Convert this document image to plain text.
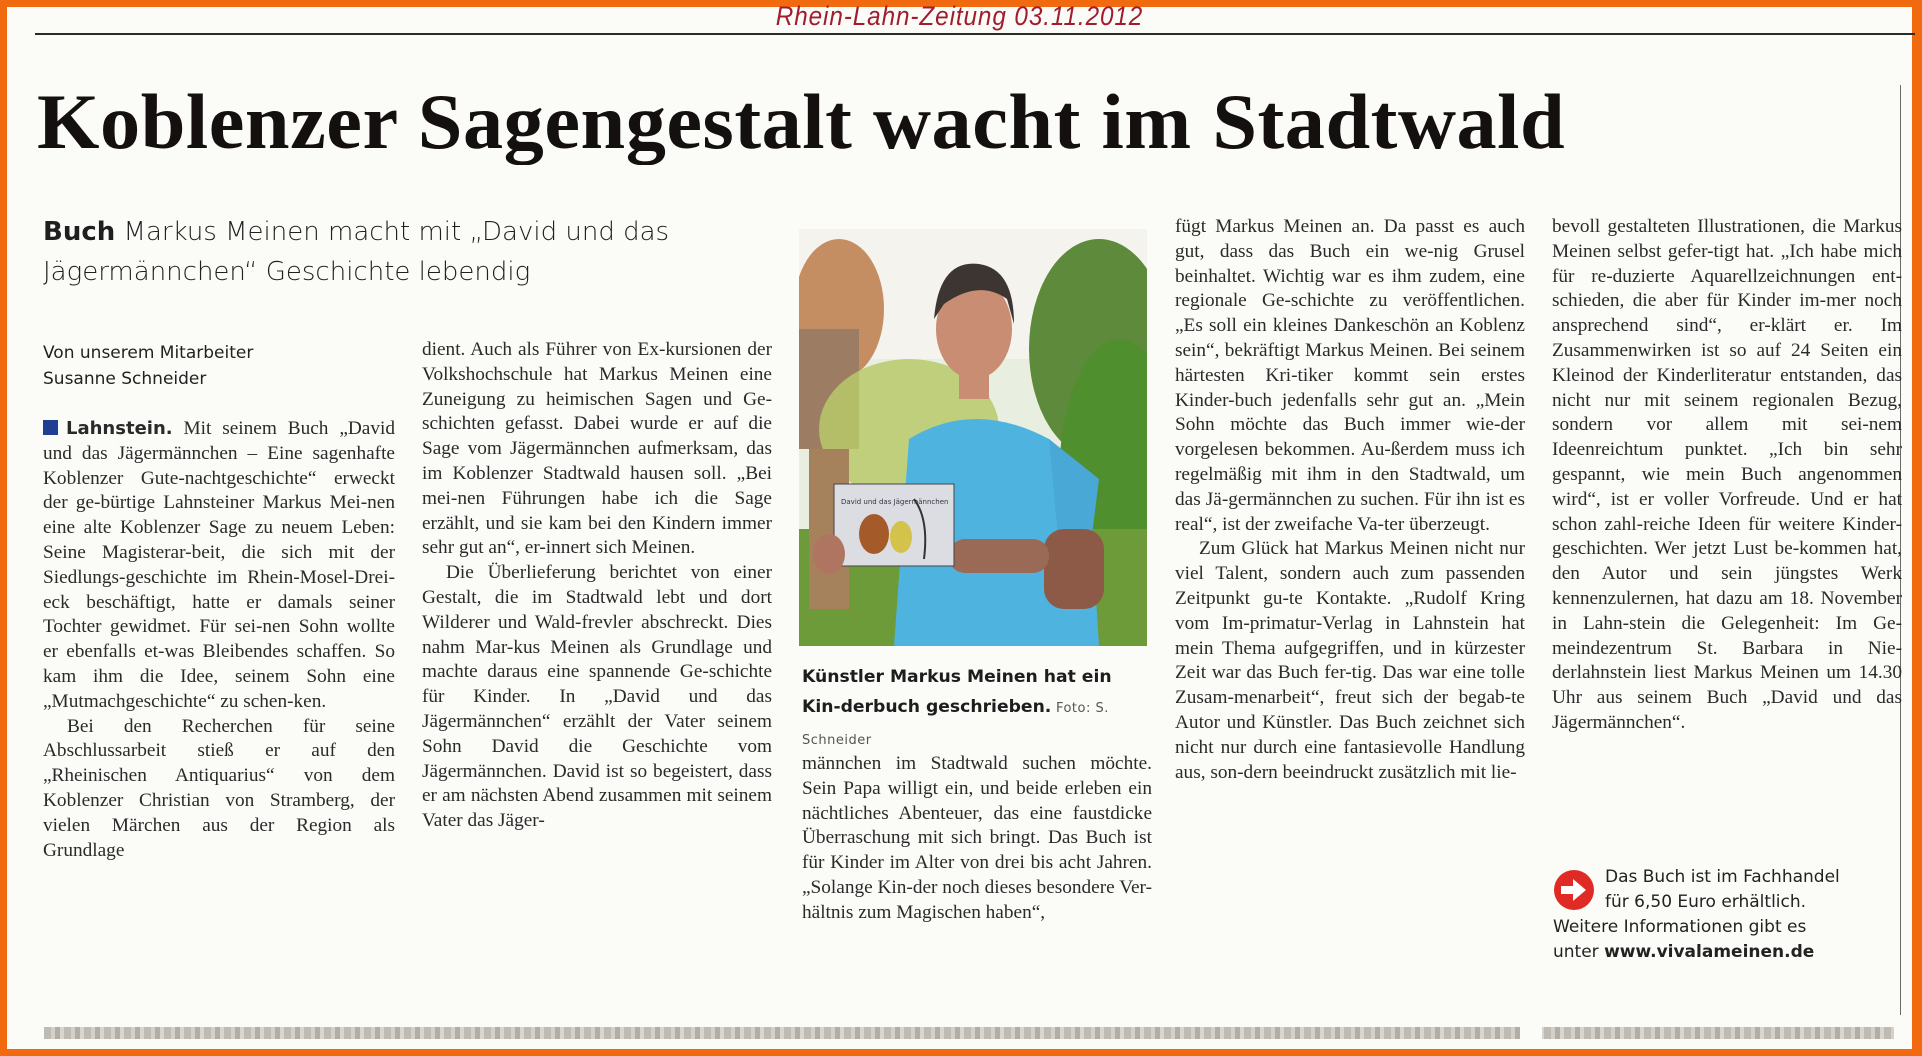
Rhein-Lahn-Zeitung 03.11.2012
Koblenzer Sagengestalt wacht im Stadtwald
Buch Markus Meinen macht mit „David und das Jägermännchen“ Geschichte lebendig
Von unserem Mitarbeiter
Susanne Schneider

Lahnstein. Mit seinem Buch „David und das Jägermännchen – Eine sagenhafte Koblenzer Gute-nachtgeschichte“ erweckt der ge-bürtige Lahnsteiner Markus Mei-nen eine alte Koblenzer Sage zu neuem Leben: Seine Magisterar-beit, die sich mit der Siedlungs-geschichte im Rhein-Mosel-Drei-eck beschäftigt, hatte er damals seiner Tochter gewidmet. Für sei-nen Sohn wollte er ebenfalls et-was Bleibendes schaffen. So kam ihm die Idee, seinem Sohn eine „Mutmachgeschichte“ zu schen-ken.

Bei den Recherchen für seine Abschlussarbeit stieß er auf den „Rheinischen Antiquarius“ von dem Koblenzer Christian von Stramberg, der vielen Märchen aus der Region als Grundlage

dient. Auch als Führer von Ex-kursionen der Volkshochschule hat Markus Meinen eine Zuneigung zu heimischen Sagen und Ge-schichten gefasst. Dabei wurde er auf die Sage vom Jägermännchen aufmerksam, das im Koblenzer Stadtwald hausen soll. „Bei mei-nen Führungen habe ich die Sage erzählt, und sie kam bei den Kindern immer sehr gut an“, er-innert sich Meinen.

Die Überlieferung berichtet von einer Gestalt, die im Stadtwald lebt und dort Wilderer und Wald-frevler abschreckt. Dies nahm Mar-kus Meinen als Grundlage und machte daraus eine spannende Ge-schichte für Kinder. In „David und das Jägermännchen“ erzählt der Vater seinem Sohn David die Geschichte vom Jägermännchen. David ist so begeistert, dass er am nächsten Abend zusammen mit seinem Vater das Jäger-

David und das Jägermännchen
Künstler Markus Meinen hat ein Kin-derbuch geschrieben. Foto: S. Schneider

männchen im Stadtwald suchen möchte. Sein Papa willigt ein, und beide erleben ein nächtliches Abenteuer, das eine faustdicke Überraschung mit sich bringt. Das Buch ist für Kinder im Alter von drei bis acht Jahren. „Solange Kin-der noch dieses besondere Ver-hältnis zum Magischen haben“,

fügt Markus Meinen an. Da passt es auch gut, dass das Buch ein we-nig Grusel beinhaltet. Wichtig war es ihm zudem, eine regionale Ge-schichte zu veröffentlichen. „Es soll ein kleines Dankeschön an Koblenz sein“, bekräftigt Markus Meinen. Bei seinem härtesten Kri-tiker kommt sein erstes Kinder-buch jedenfalls sehr gut an. „Mein Sohn möchte das Buch immer wie-der vorgelesen bekommen. Au-ßerdem muss ich regelmäßig mit ihm in den Stadtwald, um das Jä-germännchen zu suchen. Für ihn ist es real“, ist der zweifache Va-ter überzeugt.

Zum Glück hat Markus Meinen nicht nur viel Talent, sondern auch zum passenden Zeitpunkt gu-te Kontakte. „Rudolf Kring vom Im-primatur-Verlag in Lahnstein hat mein Thema aufgegriffen, und in kürzester Zeit war das Buch fer-tig. Das war eine tolle Zusam-menarbeit“, freut sich der begab-te Autor und Künstler. Das Buch zeichnet sich nicht nur durch eine fantasievolle Handlung aus, son-dern beeindruckt zusätzlich mit lie-

bevoll gestalteten Illustrationen, die Markus Meinen selbst gefer-tigt hat. „Ich habe mich für re-duzierte Aquarellzeichnungen ent-schieden, die aber für Kinder im-mer noch ansprechend sind“, er-klärt er. Im Zusammenwirken ist so auf 24 Seiten ein Kleinod der Kinderliteratur entstanden, das nicht nur mit seinem regionalen Bezug, sondern vor allem mit sei-nem Ideenreichtum punktet. „Ich bin sehr gespannt, wie mein Buch angenommen wird“, ist er voller Vorfreude. Und er hat schon zahl-reiche Ideen für weitere Kinder-geschichten. Wer jetzt Lust be-kommen hat, den Autor und sein jüngstes Werk kennenzulernen, hat dazu am 18. November in Lahn-stein die Gelegenheit: Im Ge-meindezentrum St. Barbara in Nie-derlahnstein liest Markus Meinen um 14.30 Uhr aus seinem Buch „David und das Jägermännchen“.

Das Buch ist im Fachhandel
für 6,50 Euro erhältlich.
Weitere Informationen gibt es
unter www.vivalameinen.de
